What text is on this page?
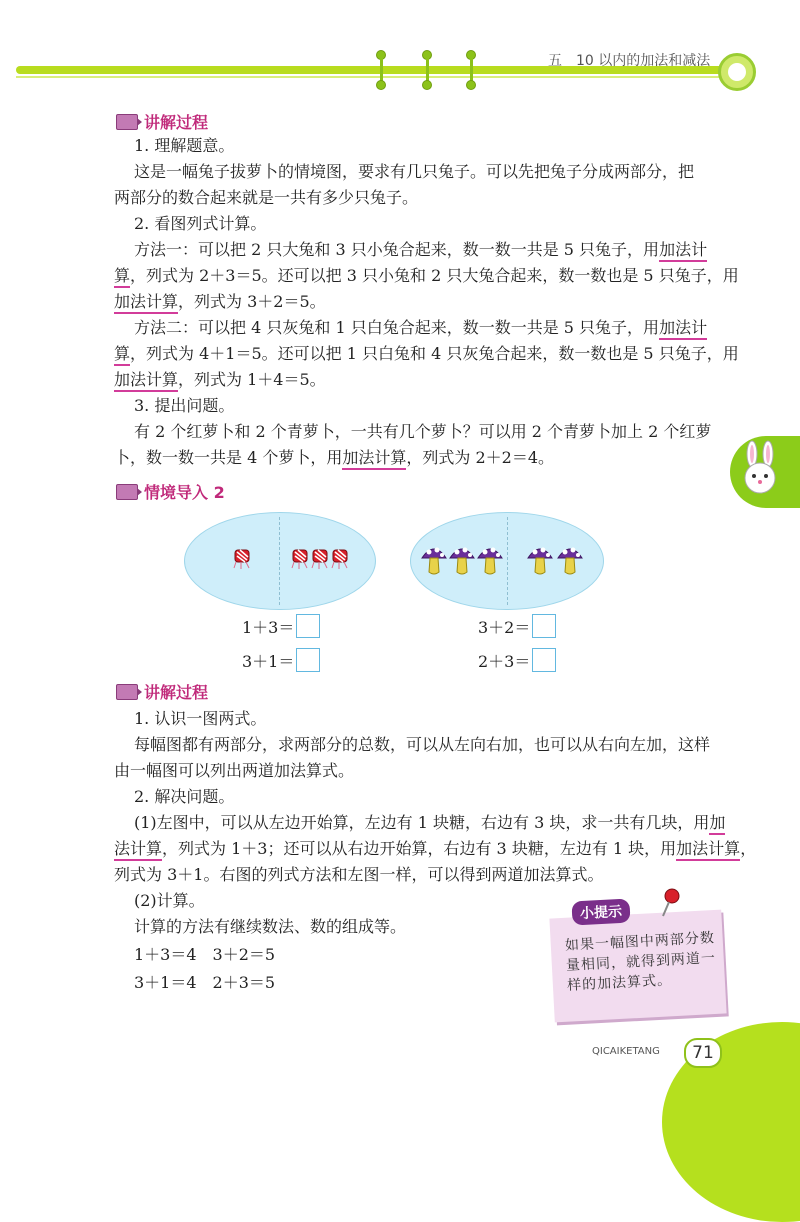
五 10 以内的加法和减法
讲解过程
1. 理解题意。
这是一幅兔子拔萝卜的情境图，要求有几只兔子。可以先把兔子分成两部分，把
两部分的数合起来就是一共有多少只兔子。
2. 看图列式计算。
方法一：可以把 2 只大兔和 3 只小兔合起来，数一数一共是 5 只兔子，用加法计
算，列式为 2＋3＝5。还可以把 3 只小兔和 2 只大兔合起来，数一数也是 5 只兔子，用
加法计算，列式为 3＋2＝5。
方法二：可以把 4 只灰兔和 1 只白兔合起来，数一数一共是 5 只兔子，用加法计
算，列式为 4＋1＝5。还可以把 1 只白兔和 4 只灰兔合起来，数一数也是 5 只兔子，用
加法计算，列式为 1＋4＝5。
3. 提出问题。
有 2 个红萝卜和 2 个青萝卜，一共有几个萝卜？可以用 2 个青萝卜加上 2 个红萝
卜，数一数一共是 4 个萝卜，用加法计算，列式为 2＋2＝4。
情境导入 2
1＋3＝
3＋1＝
3＋2＝
2＋3＝
讲解过程
1. 认识一图两式。
每幅图都有两部分，求两部分的总数，可以从左向右加，也可以从右向左加，这样
由一幅图可以列出两道加法算式。
2. 解决问题。
(1)左图中，可以从左边开始算，左边有 1 块糖，右边有 3 块，求一共有几块，用加
法计算，列式为 1＋3；还可以从右边开始算，右边有 3 块糖，左边有 1 块，用加法计算，
列式为 3＋1。右图的列式方法和左图一样，可以得到两道加法算式。
(2)计算。
计算的方法有继续数法、数的组成等。
1＋3＝4　3＋2＝5
3＋1＝4　2＋3＝5
小提示
如果一幅图中两部分数量相同，就得到两道一样的加法算式。
QICAIKETANG	71
